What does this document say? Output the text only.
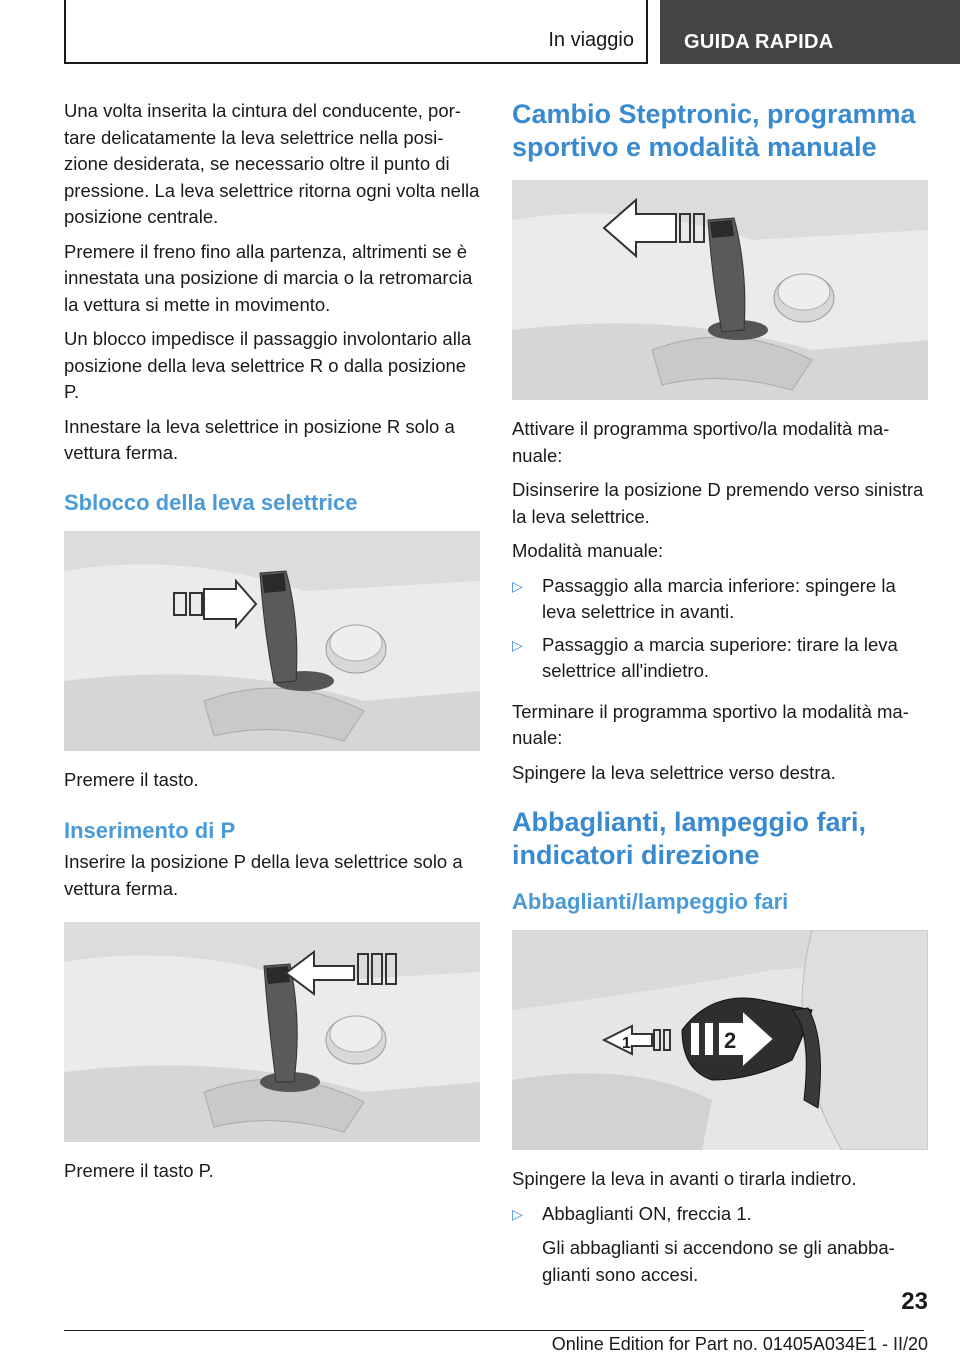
In viaggio	GUIDA RAPIDA

Una volta inserita la cintura del conducente, portare delicatamente la leva selettrice nella posizione desiderata, se necessario oltre il punto di pressione. La leva selettrice ritorna ogni volta nella posizione centrale.

Premere il freno fino alla partenza, altrimenti se è innestata una posizione di marcia o la retromarcia la vettura si mette in movimento.

Un blocco impedisce il passaggio involontario alla posizione della leva selettrice R o dalla posizione P.

Innestare la leva selettrice in posizione R solo a vettura ferma.

Sblocco della leva selettrice

Premere il tasto.

Inserimento di P

Inserire la posizione P della leva selettrice solo a vettura ferma.

Premere il tasto P.

Cambio Steptronic, programma sportivo e modalità manuale

Attivare il programma sportivo/la modalità manuale:

Disinserire la posizione D premendo verso sinistra la leva selettrice.

Modalità manuale:

▷ Passaggio alla marcia inferiore: spingere la leva selettrice in avanti.
▷ Passaggio a marcia superiore: tirare la leva selettrice all'indietro.

Terminare il programma sportivo la modalità manuale:

Spingere la leva selettrice verso destra.

Abbaglianti, lampeggio fari, indicatori direzione
Abbaglianti/lampeggio fari
1	2

Spingere la leva in avanti o tirarla indietro.

▷ Abbaglianti ON, freccia 1.

Gli abbaglianti si accendono se gli anabbaglianti sono accesi.

23
Online Edition for Part no. 01405A034E1 - II/20
